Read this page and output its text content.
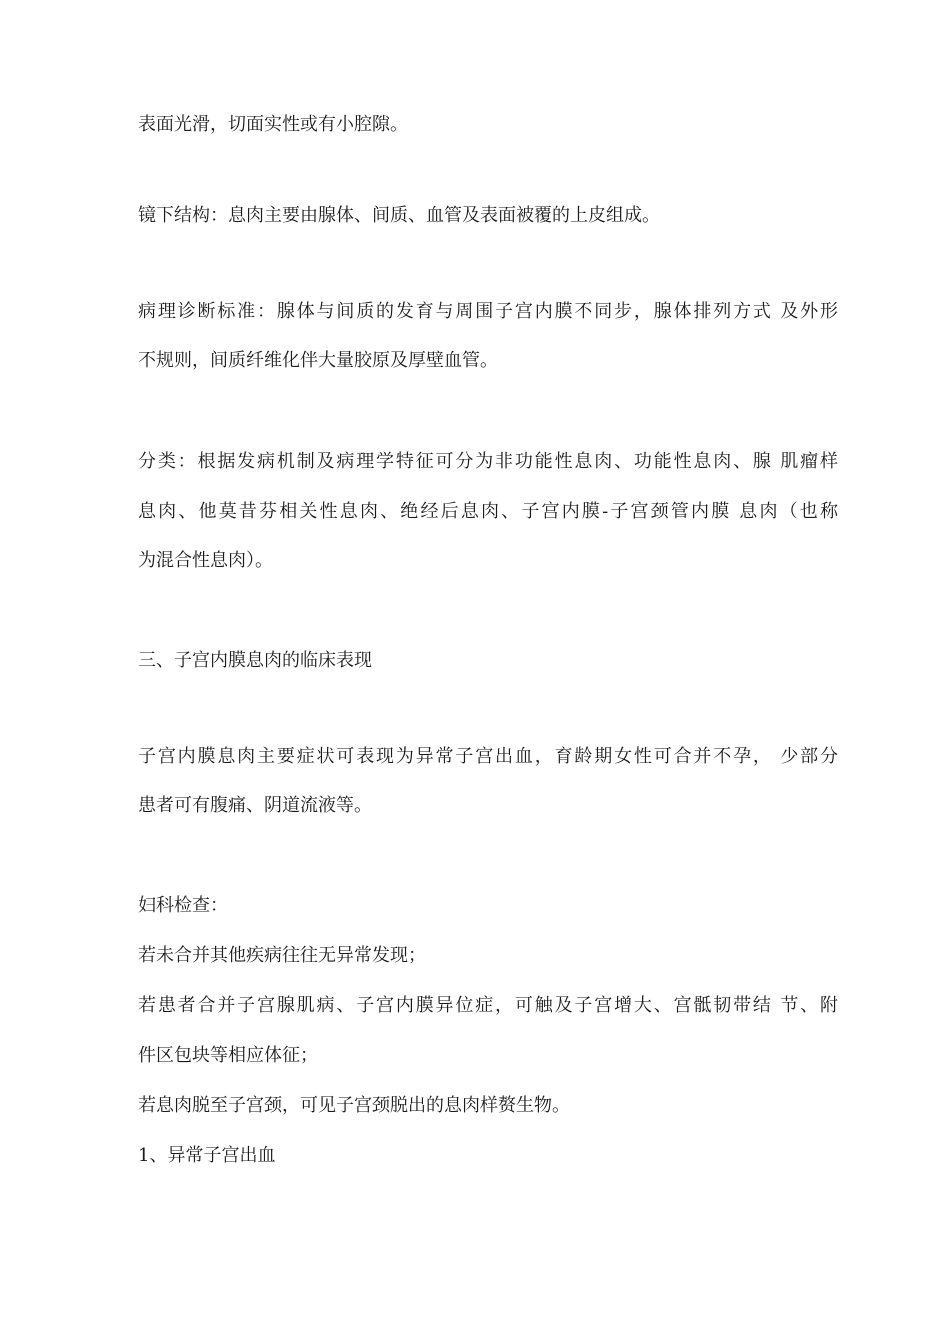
表面光滑，切面实性或有小腔隙。

镜下结构：息肉主要由腺体、间质、血管及表面被覆的上皮组成。

病理诊断标准：腺体与间质的发育与周围子宫内膜不同步，腺体排列方式 及外形

不规则，间质纤维化伴大量胶原及厚壁血管。

分类：根据发病机制及病理学特征可分为非功能性息肉、功能性息肉、腺 肌瘤样

息肉、他莫昔芬相关性息肉、绝经后息肉、子宫内膜-子宫颈管内膜 息肉（也称

为混合性息肉）。

三、子宫内膜息肉的临床表现

子宫内膜息肉主要症状可表现为异常子宫出血，育龄期女性可合并不孕， 少部分

患者可有腹痛、阴道流液等。

妇科检查：

若未合并其他疾病往往无异常发现；

若患者合并子宫腺肌病、子宫内膜异位症，可触及子宫增大、宫骶韧带结 节、附

件区包块等相应体征；

若息肉脱至子宫颈，可见子宫颈脱出的息肉样赘生物。

1、异常子宫出血
